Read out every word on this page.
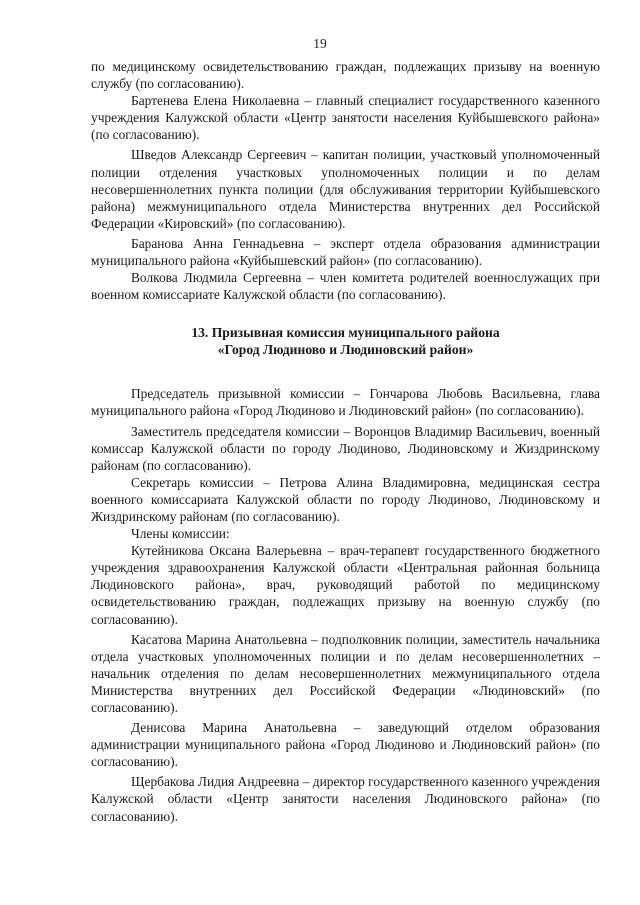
19

по медицинскому освидетельствованию граждан, подлежащих призыву на военную службу (по согласованию).

Бартенева Елена Николаевна – главный специалист государственного казенного учреждения Калужской области «Центр занятости населения Куйбышевского района» (по согласованию).

Шведов Александр Сергеевич – капитан полиции, участковый уполномоченный полиции отделения участковых уполномоченных полиции и по делам несовершеннолетних пункта полиции (для обслуживания территории Куйбышевского района) межмуниципального отдела Министерства внутренних дел Российской Федерации «Кировский» (по согласованию).

Баранова Анна Геннадьевна – эксперт отдела образования администрации муниципального района «Куйбышевский район» (по согласованию).

Волкова Людмила Сергеевна – член комитета родителей военнослужащих при военном комиссариате Калужской области (по согласованию).

13. Призывная комиссия муниципального района
«Город Людиново и Людиновский район»

Председатель призывной комиссии – Гончарова Любовь Васильевна, глава муниципального района «Город Людиново и Людиновский район» (по согласованию).

Заместитель председателя комиссии – Воронцов Владимир Васильевич, военный комиссар Калужской области по городу Людиново, Людиновскому и Жиздринскому районам (по согласованию).

Секретарь комиссии – Петрова Алина Владимировна, медицинская сестра военного комиссариата Калужской области по городу Людиново, Людиновскому и Жиздринскому районам (по согласованию).

Члены комиссии:

Кутейникова Оксана Валерьевна – врач-терапевт государственного бюджетного учреждения здравоохранения Калужской области «Центральная районная больница Людиновского района», врач, руководящий работой по медицинскому освидетельствованию граждан, подлежащих призыву на военную службу (по согласованию).

Касатова Марина Анатольевна – подполковник полиции, заместитель начальника отдела участковых уполномоченных полиции и по делам несовершеннолетних – начальник отделения по делам несовершеннолетних межмуниципального отдела Министерства внутренних дел Российской Федерации «Людиновский» (по согласованию).

Денисова Марина Анатольевна – заведующий отделом образования администрации муниципального района «Город Людиново и Людиновский район» (по согласованию).

Щербакова Лидия Андреевна – директор государственного казенного учреждения Калужской области «Центр занятости населения Людиновского района» (по согласованию).
